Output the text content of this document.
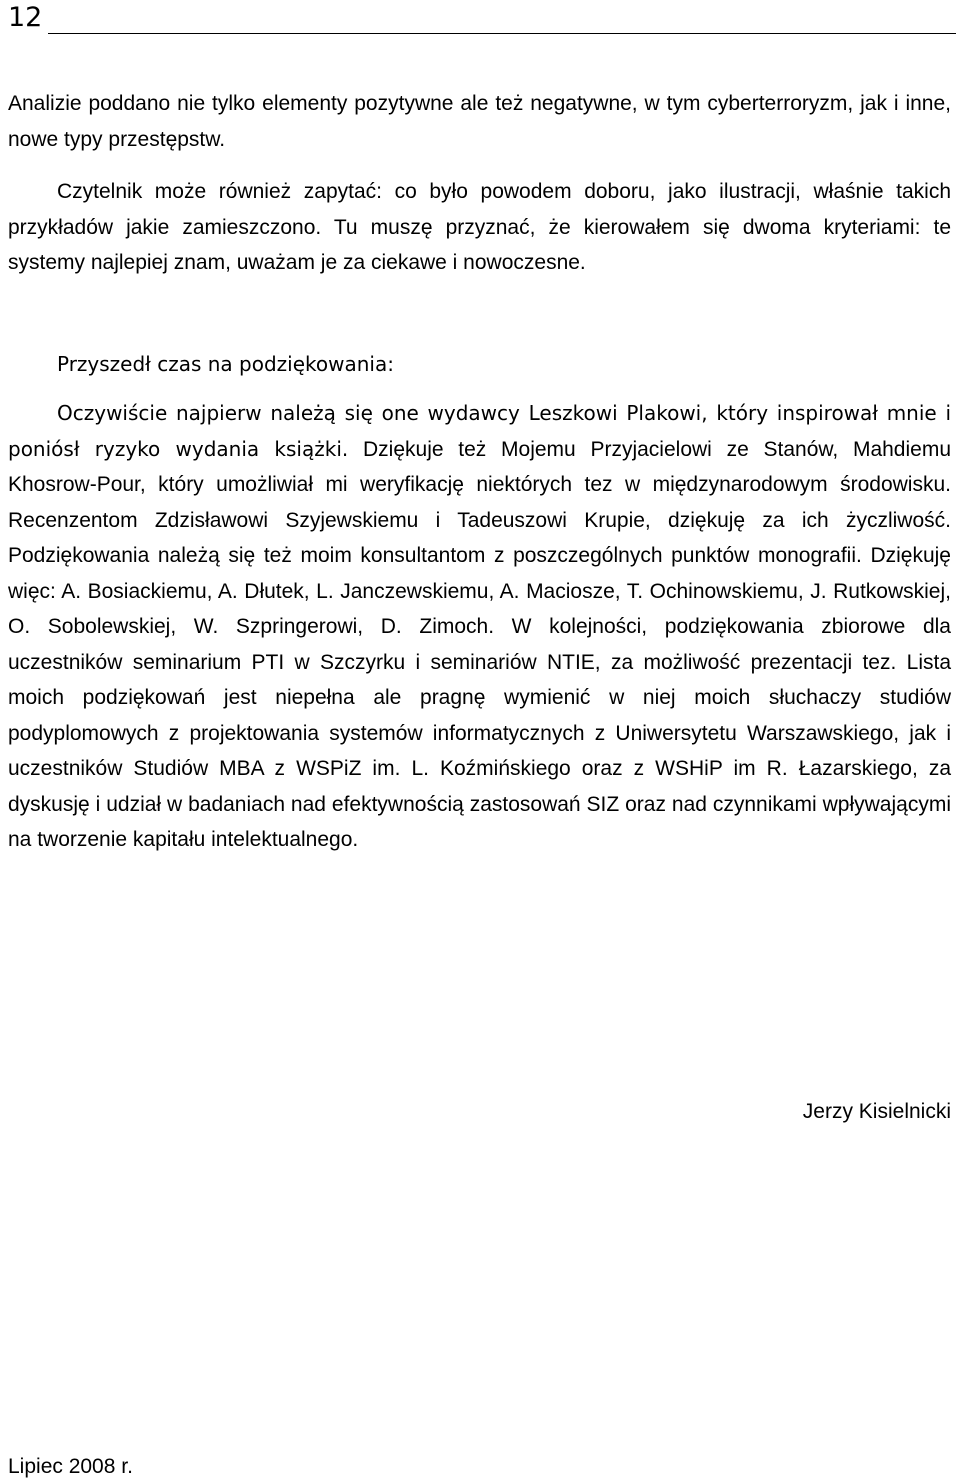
12

Analizie poddano nie tylko elementy pozytywne ale też negatywne, w tym cyberterroryzm, jak i inne, nowe typy przestępstw.

Czytelnik może również zapytać: co było powodem doboru, jako ilustracji, właśnie takich przykładów jakie zamieszczono. Tu muszę przyznać, że kierowałem się dwoma kryteriami: te systemy najlepiej znam, uważam je za ciekawe i nowoczesne.

Przyszedł czas na podziękowania:

Oczywiście najpierw należą się one wydawcy Leszkowi Plakowi, który inspirował mnie i poniósł ryzyko wydania książki. Dziękuje też Mojemu Przyjacielowi ze Stanów, Mahdiemu Khosrow-Pour, który umożliwiał mi weryfikację niektórych tez w międzynarodowym środowisku. Recenzentom Zdzisławowi Szyjewskiemu i Tadeuszowi Krupie, dziękuję za ich życzliwość. Podziękowania należą się też moim konsultantom z poszczególnych punktów monografii. Dziękuję więc: A. Bosiackiemu, A. Dłutek, L. Janczewskiemu, A. Maciosze, T. Ochinowskiemu, J. Rutkowskiej, O. Sobolewskiej, W. Szpringerowi, D. Zimoch. W kolejności, podziękowania zbiorowe dla uczestników seminarium PTI w Szczyrku i seminariów NTIE, za możliwość prezentacji tez. Lista moich podziękowań jest niepełna ale pragnę wymienić w niej moich słuchaczy studiów podyplomowych z projektowania systemów informatycznych z Uniwersytetu Warszawskiego, jak i uczestników Studiów MBA z WSPiZ im. L. Koźmińskiego oraz z WSHiP im R. Łazarskiego, za dyskusję i udział w badaniach nad efektywnością zastosowań SIZ oraz nad czynnikami wpływającymi na tworzenie kapitału intelektualnego.

Jerzy Kisielnicki

Lipiec 2008 r.
